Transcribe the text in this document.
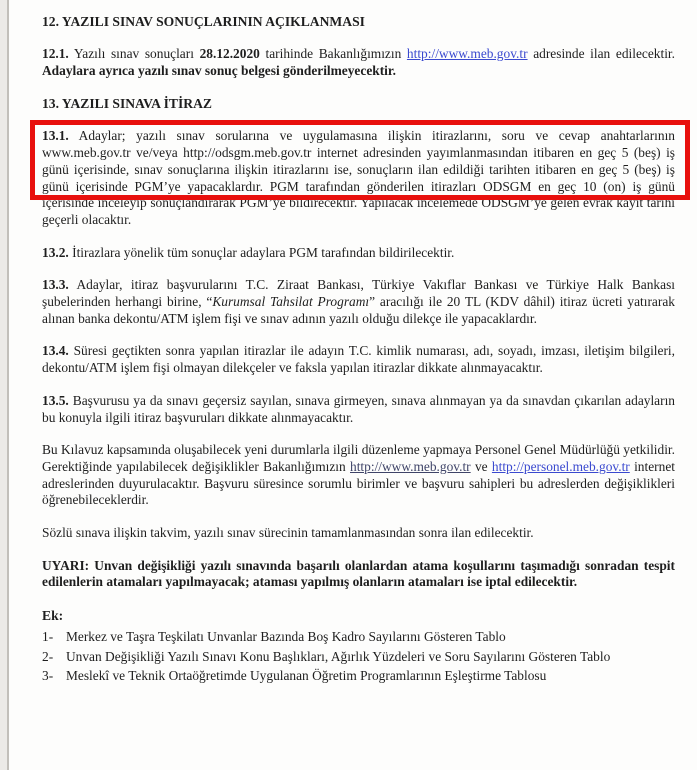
12. YAZILI SINAV SONUÇLARININ AÇIKLANMASI

12.1. Yazılı sınav sonuçları 28.12.2020 tarihinde Bakanlığımızın http://www.meb.gov.tr adresinde ilan edilecektir. Adaylara ayrıca yazılı sınav sonuç belgesi gönderilmeyecektir.

13. YAZILI SINAVA İTİRAZ

13.1. Adaylar; yazılı sınav sorularına ve uygulamasına ilişkin itirazlarını, soru ve cevap anahtarlarının www.meb.gov.tr ve/veya http://odsgm.meb.gov.tr internet adresinden yayımlanmasından itibaren en geç 5 (beş) iş günü içerisinde, sınav sonuçlarına ilişkin itirazlarını ise, sonuçların ilan edildiği tarihten itibaren en geç 5 (beş) iş günü içerisinde PGM’ye yapacaklardır. PGM tarafından gönderilen itirazları ODSGM en geç 10 (on) iş günü içerisinde inceleyip sonuçlandırarak PGM’ye bildirecektir. Yapılacak incelemede ÖDSGM’ye gelen evrak kayıt tarihi geçerli olacaktır.

13.2. İtirazlara yönelik tüm sonuçlar adaylara PGM tarafından bildirilecektir.

13.3. Adaylar, itiraz başvurularını T.C. Ziraat Bankası, Türkiye Vakıflar Bankası ve Türkiye Halk Bankası şubelerinden herhangi birine, “Kurumsal Tahsilat Programı” aracılığı ile 20 TL (KDV dâhil) itiraz ücreti yatırarak alınan banka dekontu/ATM işlem fişi ve sınav adının yazılı olduğu dilekçe ile yapacaklardır.

13.4. Süresi geçtikten sonra yapılan itirazlar ile adayın T.C. kimlik numarası, adı, soyadı, imzası, iletişim bilgileri, dekontu/ATM işlem fişi olmayan dilekçeler ve faksla yapılan itirazlar dikkate alınmayacaktır.

13.5. Başvurusu ya da sınavı geçersiz sayılan, sınava girmeyen, sınava alınmayan ya da sınavdan çıkarılan adayların bu konuyla ilgili itiraz başvuruları dikkate alınmayacaktır.

Bu Kılavuz kapsamında oluşabilecek yeni durumlarla ilgili düzenleme yapmaya Personel Genel Müdürlüğü yetkilidir. Gerektiğinde yapılabilecek değişiklikler Bakanlığımızın http://www.meb.gov.tr ve http://personel.meb.gov.tr internet adreslerinden duyurulacaktır. Başvuru süresince sorumlu birimler ve başvuru sahipleri bu adreslerden değişiklikleri öğrenebileceklerdir.

Sözlü sınava ilişkin takvim, yazılı sınav sürecinin tamamlanmasından sonra ilan edilecektir.

UYARI: Unvan değişikliği yazılı sınavında başarılı olanlardan atama koşullarını taşımadığı sonradan tespit edilenlerin atamaları yapılmayacak; ataması yapılmış olanların atamaları ise iptal edilecektir.

Ek:

1- Merkez ve Taşra Teşkilatı Unvanlar Bazında Boş Kadro Sayılarını Gösteren Tablo
2- Unvan Değişikliği Yazılı Sınavı Konu Başlıkları, Ağırlık Yüzdeleri ve Soru Sayılarını Gösteren Tablo
3- Meslekî ve Teknik Ortaöğretimde Uygulanan Öğretim Programlarının Eşleştirme Tablosu
